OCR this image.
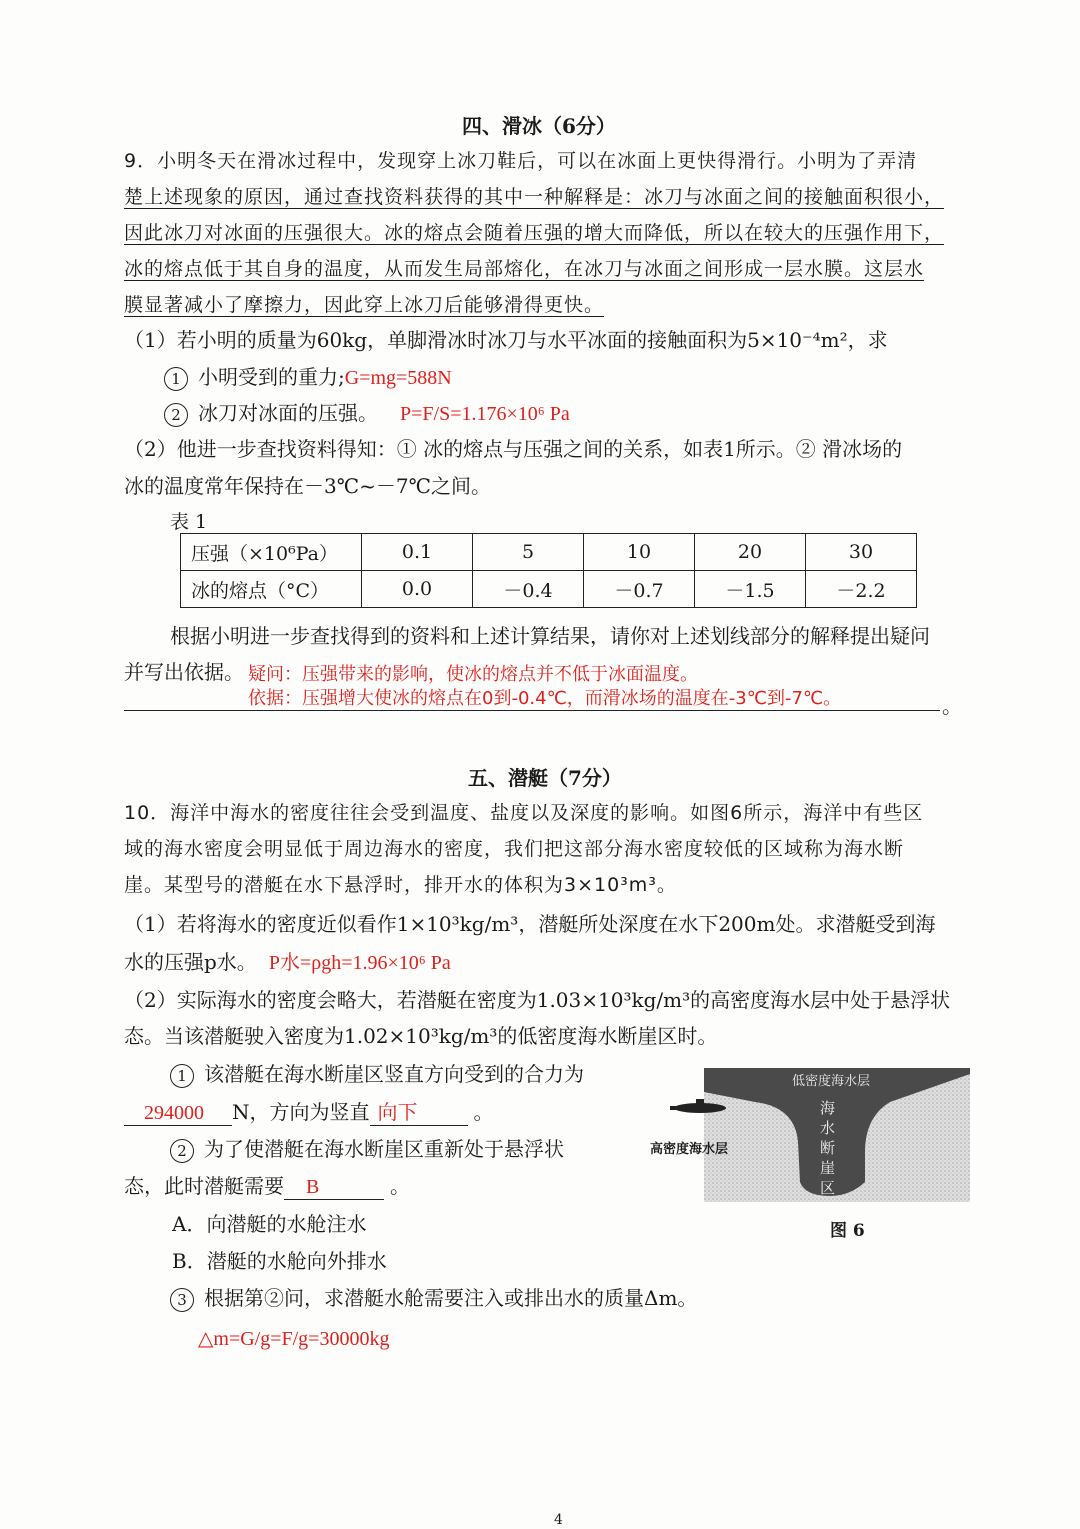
四、滑冰（6分）
9．小明冬天在滑冰过程中，发现穿上冰刀鞋后，可以在冰面上更快得滑行。小明为了弄清
楚上述现象的原因，通过查找资料获得的其中一种解释是：冰刀与冰面之间的接触面积很小，
因此冰刀对冰面的压强很大。冰的熔点会随着压强的增大而降低，所以在较大的压强作用下，
冰的熔点低于其自身的温度，从而发生局部熔化，在冰刀与冰面之间形成一层水膜。这层水
膜显著减小了摩擦力，因此穿上冰刀后能够滑得更快。
（1）若小明的质量为60kg，单脚滑冰时冰刀与水平冰面的接触面积为5×10⁻⁴m²，求
1 小明受到的重力;G=mg=588N
2 冰刀对冰面的压强。 P=F/S=1.176×10⁶ Pa
（2）他进一步查找资料得知：① 冰的熔点与压强之间的关系，如表1所示。② 滑冰场的
冰的温度常年保持在－3℃~－7℃之间。
表 1
压强（×10⁶Pa）	0.1	5	10	20	30
冰的熔点（°C）	0.0	－0.4	－0.7	－1.5	－2.2
根据小明进一步查找得到的资料和上述计算结果，请你对上述划线部分的解释提出疑问
并写出依据。 疑问：压强带来的影响，使冰的熔点并不低于冰面温度。
依据：压强增大使冰的熔点在0到-0.4℃，而滑冰场的温度在-3℃到-7℃。	。
五、潜艇（7分）
10．海洋中海水的密度往往会受到温度、盐度以及深度的影响。如图6所示，海洋中有些区
域的海水密度会明显低于周边海水的密度，我们把这部分海水密度较低的区域称为海水断
崖。某型号的潜艇在水下悬浮时，排开水的体积为3×10³m³。
（1）若将海水的密度近似看作1×10³kg/m³，潜艇所处深度在水下200m处。求潜艇受到海
水的压强p水。 P水=ρgh=1.96×10⁶ Pa
（2）实际海水的密度会略大，若潜艇在密度为1.03×10³kg/m³的高密度海水层中处于悬浮状
态。当该潜艇驶入密度为1.02×10³kg/m³的低密度海水断崖区时。
1 该潜艇在海水断崖区竖直方向受到的合力为
294000 N，方向为竖直 向下	。
2 为了使潜艇在海水断崖区重新处于悬浮状
态，此时潜艇需要 B	。
A．向潜艇的水舱注水
B．潜艇的水舱向外排水
3 根据第②问，求潜艇水舱需要注入或排出水的质量Δm。
△m=G/g=F/g=30000kg
低密度海水层
海水断崖区
高密度海水层
图 6
4
